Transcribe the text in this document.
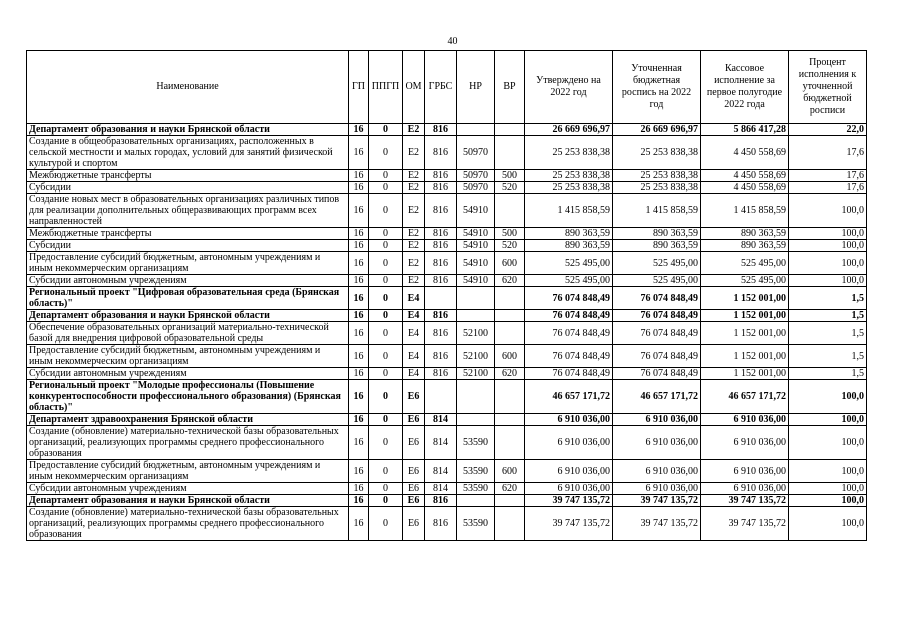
40
Наименование	ГП	ППГП	ОМ	ГРБС	НР	ВР	Утверждено на 2022 год	Уточненная бюджетная роспись на 2022 год	Кассовое исполнение за первое полугодие 2022 года	Процент исполнения к уточненной бюджетной росписи
Департамент образования и науки Брянской области	16	0	E2	816			26 669 696,97	26 669 696,97	5 866 417,28	22,0
Создание в общеобразовательных организациях, расположенных в сельской местности и малых городах, условий для занятий физической культурой и спортом	16	0	E2	816	50970		25 253 838,38	25 253 838,38	4 450 558,69	17,6
Межбюджетные трансферты	16	0	E2	816	50970	500	25 253 838,38	25 253 838,38	4 450 558,69	17,6
Субсидии	16	0	E2	816	50970	520	25 253 838,38	25 253 838,38	4 450 558,69	17,6
Создание новых мест в образовательных организациях различных типов для реализации дополнительных общеразвивающих программ всех направленностей	16	0	E2	816	54910		1 415 858,59	1 415 858,59	1 415 858,59	100,0
Межбюджетные трансферты	16	0	E2	816	54910	500	890 363,59	890 363,59	890 363,59	100,0
Субсидии	16	0	E2	816	54910	520	890 363,59	890 363,59	890 363,59	100,0
Предоставление субсидий бюджетным, автономным учреждениям и иным некоммерческим организациям	16	0	E2	816	54910	600	525 495,00	525 495,00	525 495,00	100,0
Субсидии автономным учреждениям	16	0	E2	816	54910	620	525 495,00	525 495,00	525 495,00	100,0
Региональный проект "Цифровая образовательная среда (Брянская область)"	16	0	E4				76 074 848,49	76 074 848,49	1 152 001,00	1,5
Департамент образования и науки Брянской области	16	0	E4	816			76 074 848,49	76 074 848,49	1 152 001,00	1,5
Обеспечение образовательных организаций материально-технической базой для внедрения цифровой образовательной среды	16	0	E4	816	52100		76 074 848,49	76 074 848,49	1 152 001,00	1,5
Предоставление субсидий бюджетным, автономным учреждениям и иным некоммерческим организациям	16	0	E4	816	52100	600	76 074 848,49	76 074 848,49	1 152 001,00	1,5
Субсидии автономным учреждениям	16	0	E4	816	52100	620	76 074 848,49	76 074 848,49	1 152 001,00	1,5
Региональный проект "Молодые профессионалы (Повышение конкурентоспособности профессионального образования) (Брянская область)"	16	0	E6				46 657 171,72	46 657 171,72	46 657 171,72	100,0
Департамент здравоохранения Брянской области	16	0	E6	814			6 910 036,00	6 910 036,00	6 910 036,00	100,0
Создание (обновление) материально-технической базы образовательных организаций, реализующих программы среднего профессионального образования	16	0	E6	814	53590		6 910 036,00	6 910 036,00	6 910 036,00	100,0
Предоставление субсидий бюджетным, автономным учреждениям и иным некоммерческим организациям	16	0	E6	814	53590	600	6 910 036,00	6 910 036,00	6 910 036,00	100,0
Субсидии автономным учреждениям	16	0	E6	814	53590	620	6 910 036,00	6 910 036,00	6 910 036,00	100,0
Департамент образования и науки Брянской области	16	0	E6	816			39 747 135,72	39 747 135,72	39 747 135,72	100,0
Создание (обновление) материально-технической базы образовательных организаций, реализующих программы среднего профессионального образования	16	0	E6	816	53590		39 747 135,72	39 747 135,72	39 747 135,72	100,0
